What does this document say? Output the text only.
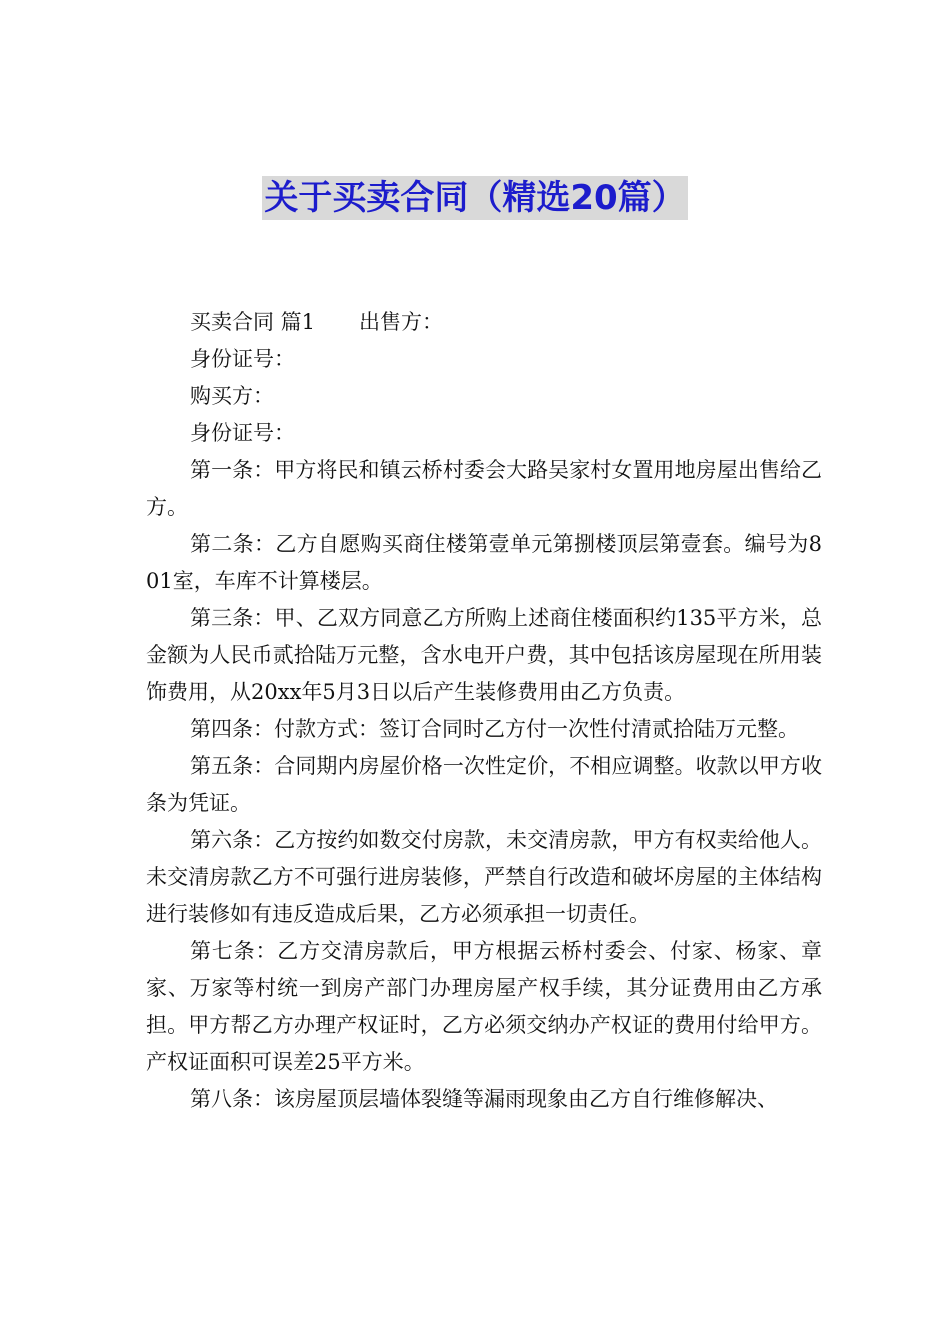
关于买卖合同（精选20篇）

买卖合同 篇1 出售方：

身份证号：

购买方：

身份证号：

第一条：甲方将民和镇云桥村委会大路吴家村女置用地房屋出售给乙方。

第二条：乙方自愿购买商住楼第壹单元第捌楼顶层第壹套。编号为801室，车库不计算楼层。

第三条：甲、乙双方同意乙方所购上述商住楼面积约135平方米，总金额为人民币贰拾陆万元整，含水电开户费，其中包括该房屋现在所用装饰费用，从20xx年5月3日以后产生装修费用由乙方负责。

第四条：付款方式：签订合同时乙方付一次性付清贰拾陆万元整。

第五条：合同期内房屋价格一次性定价，不相应调整。收款以甲方收条为凭证。

第六条：乙方按约如数交付房款，未交清房款，甲方有权卖给他人。未交清房款乙方不可强行进房装修，严禁自行改造和破坏房屋的主体结构进行装修如有违反造成后果，乙方必须承担一切责任。

第七条：乙方交清房款后，甲方根据云桥村委会、付家、杨家、章家、万家等村统一到房产部门办理房屋产权手续，其分证费用由乙方承担。甲方帮乙方办理产权证时，乙方必须交纳办产权证的费用付给甲方。产权证面积可误差25平方米。

第八条：该房屋顶层墙体裂缝等漏雨现象由乙方自行维修解决、
